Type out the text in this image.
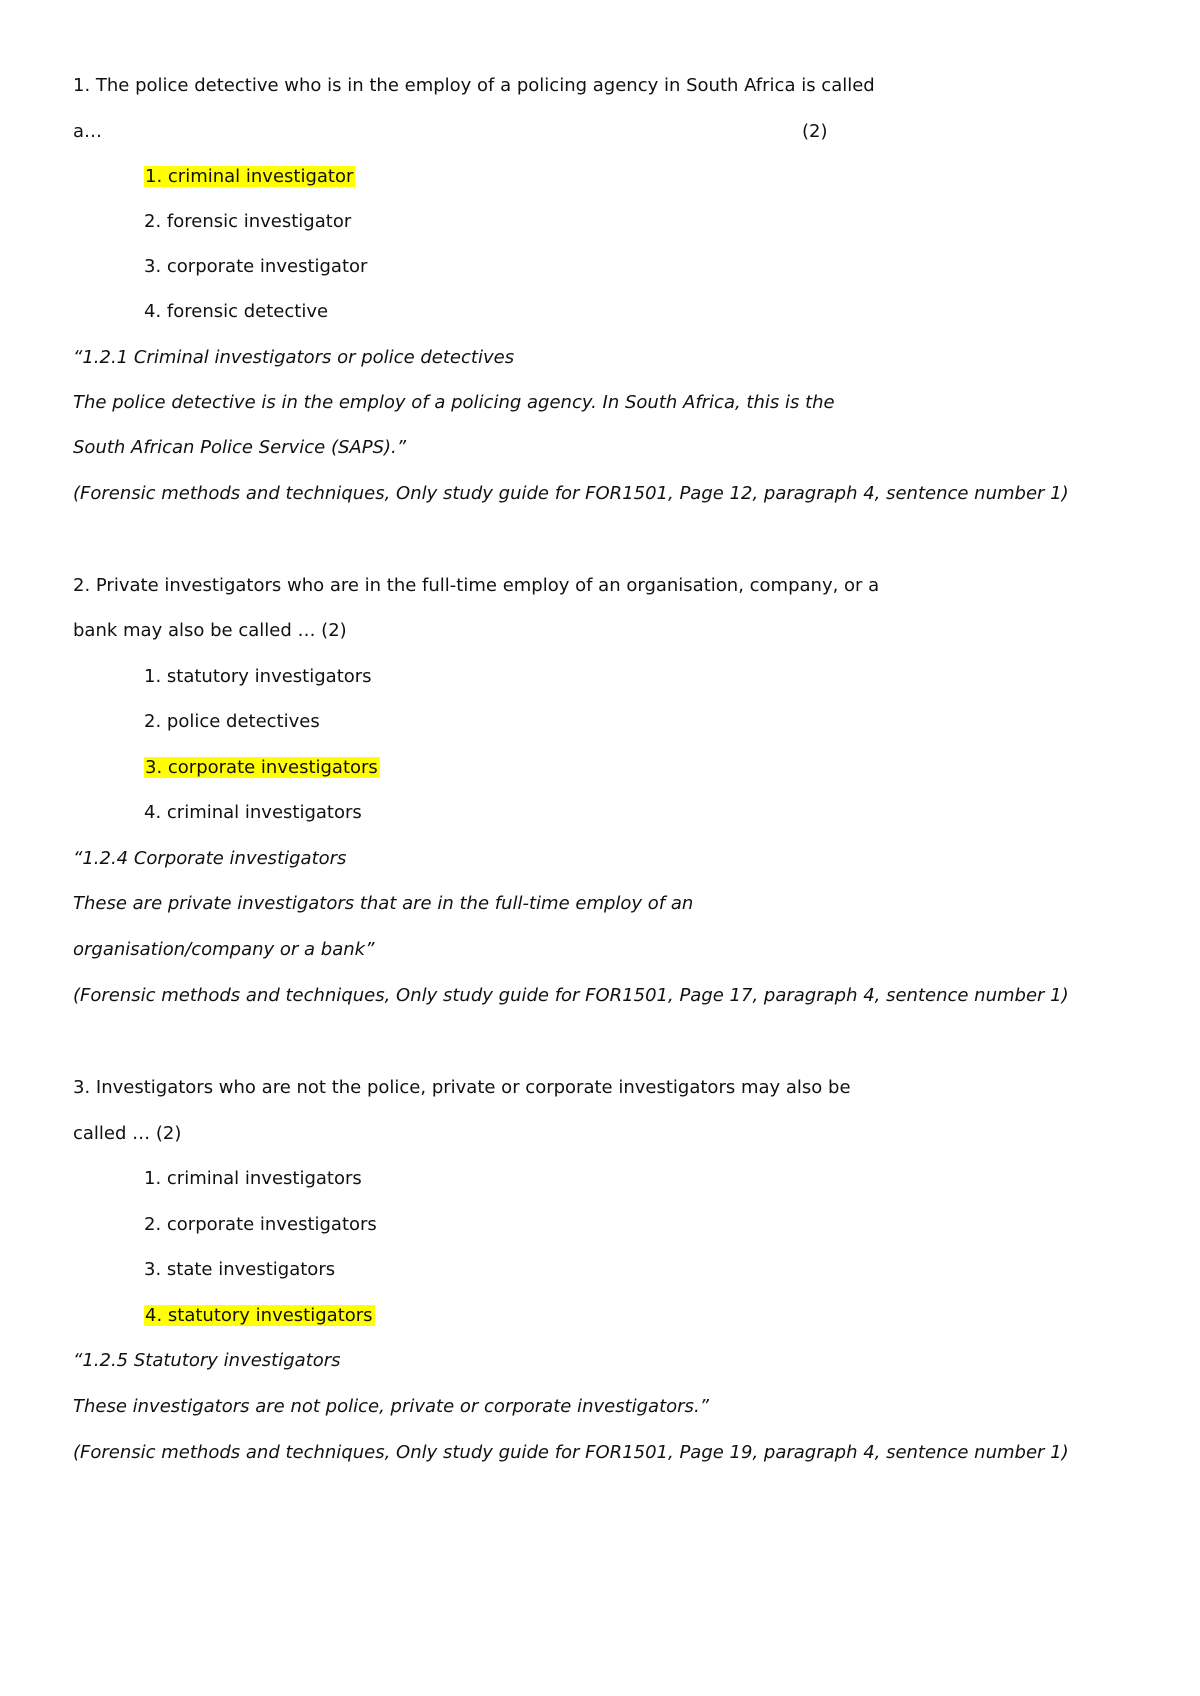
1. The police detective who is in the employ of a policing agency in South Africa is called
a…	(2)
1. criminal investigator
2. forensic investigator
3. corporate investigator
4. forensic detective
“1.2.1 Criminal investigators or police detectives
The police detective is in the employ of a policing agency. In South Africa, this is the
South African Police Service (SAPS).”
(Forensic methods and techniques, Only study guide for FOR1501, Page 12, paragraph 4, sentence number 1)
2. Private investigators who are in the full-time employ of an organisation, company, or a
bank may also be called … (2)
1. statutory investigators
2. police detectives
3. corporate investigators
4. criminal investigators
“1.2.4 Corporate investigators
These are private investigators that are in the full-time employ of an
organisation/company or a bank”
(Forensic methods and techniques, Only study guide for FOR1501, Page 17, paragraph 4, sentence number 1)
3. Investigators who are not the police, private or corporate investigators may also be
called … (2)
1. criminal investigators
2. corporate investigators
3. state investigators
4. statutory investigators
“1.2.5 Statutory investigators
These investigators are not police, private or corporate investigators.”
(Forensic methods and techniques, Only study guide for FOR1501, Page 19, paragraph 4, sentence number 1)
